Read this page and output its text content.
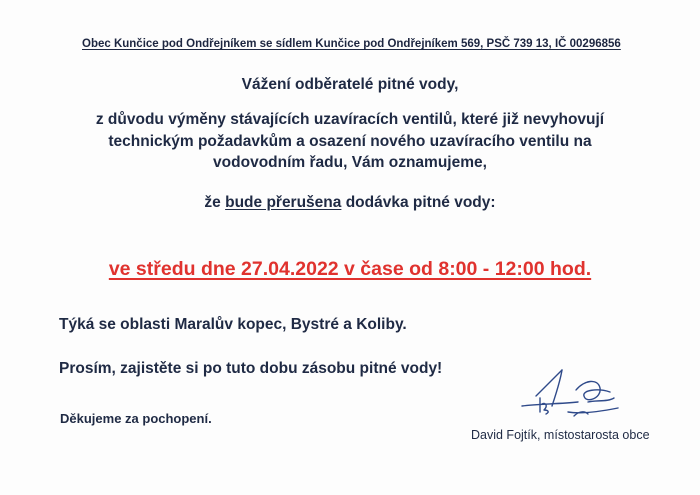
Obec Kunčice pod Ondřejníkem se sídlem Kunčice pod Ondřejníkem 569, PSČ 739 13, IČ 00296856
Vážení odběratelé pitné vody,
z důvodu výměny stávajících uzavíracích ventilů, které již nevyhovují
technickým požadavkům a osazení nového uzavíracího ventilu na
vodovodním řadu, Vám oznamujeme,
že bude přerušena dodávka pitné vody:
ve středu dne 27.04.2022 v čase od 8:00 - 12:00 hod.
Týká se oblasti Maralův kopec, Bystré a Koliby.
Prosím, zajistěte si po tuto dobu zásobu pitné vody!
Děkujeme za pochopení.
David Fojtík, místostarosta obce
